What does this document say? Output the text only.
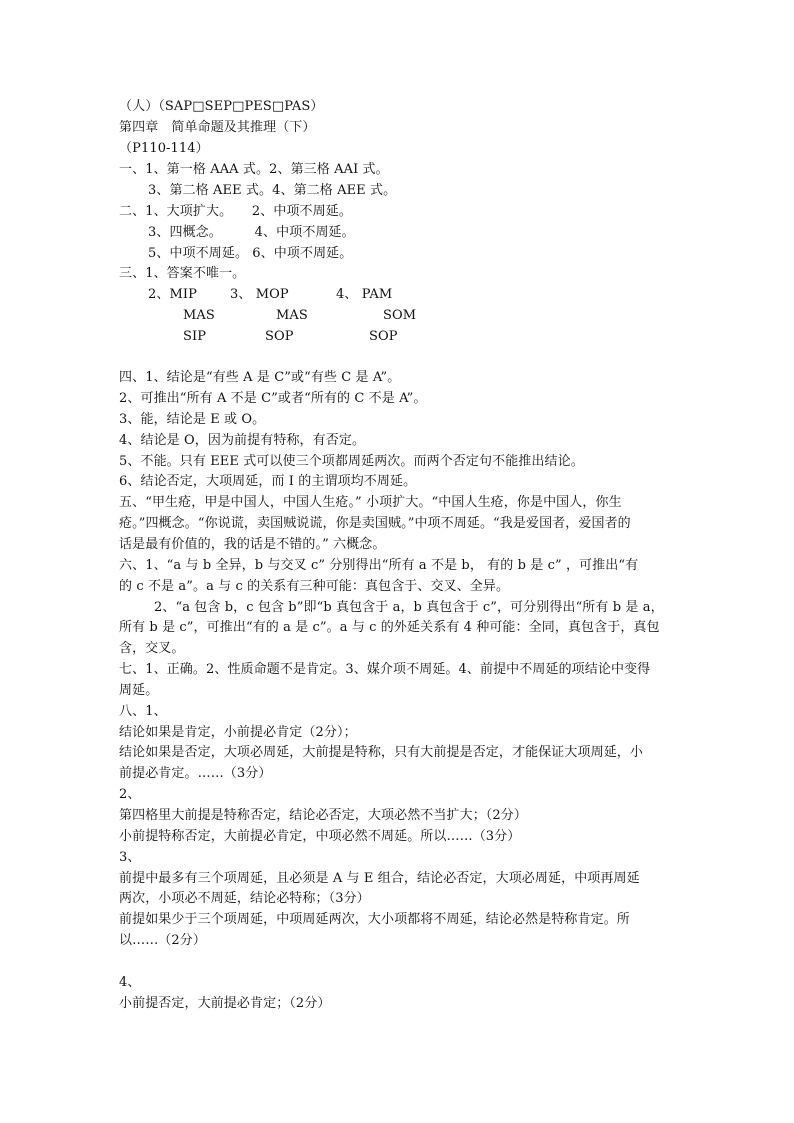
（人）（SAP□SEP□PES□PAS）
第四章　简单命题及其推理（下）
（P110-114）
一、1、第一格 AAA 式。2、第三格 AAI 式。
3、第二格 AEE 式。4、第二格 AEE 式。
二、1、大项扩大。　　2、中项不周延。
3、四概念。　　　4、中项不周延。
5、中项不周延。 6、中项不周延。
三、1、答案不唯一。
2、MIP	3、 MOP	4、 PAM
MAS	MAS	SOM
SIP	SOP	SOP
四、1、结论是“有些 A 是 C”或“有些 C 是 A”。
2、可推出“所有 A 不是 C”或者“所有的 C 不是 A”。
3、能，结论是 E 或 O。
4、结论是 O，因为前提有特称，有否定。
5、不能。只有 EEE 式可以使三个项都周延两次。而两个否定句不能推出结论。
6、结论否定，大项周延，而 I 的主谓项均不周延。
五、“甲生疮，甲是中国人，中国人生疮。” 小项扩大。“中国人生疮，你是中国人，你生
疮。”四概念。“你说谎，卖国贼说谎，你是卖国贼。”中项不周延。“我是爱国者，爱国者的
话是最有价值的，我的话是不错的。” 六概念。
六、1、“a 与 b 全异，b 与交叉 c” 分别得出“所有 a 不是 b， 有的 b 是 c” ，可推出“有
的 c 不是 a”。a 与 c 的关系有三种可能：真包含于、交叉、全异。
2、“a 包含 b，c 包含 b”即“b 真包含于 a，b 真包含于 c”，可分别得出“所有 b 是 a，
所有 b 是 c”，可推出“有的 a 是 c”。a 与 c 的外延关系有 4 种可能：全同，真包含于，真包
含，交叉。
七、1、正确。2、性质命题不是肯定。3、媒介项不周延。4、前提中不周延的项结论中变得
周延。
八、1、
结论如果是肯定，小前提必肯定（2分）；
结论如果是否定，大项必周延，大前提是特称，只有大前提是否定，才能保证大项周延，小
前提必肯定。……（3分）
2、
第四格里大前提是特称否定，结论必否定，大项必然不当扩大；（2分）
小前提特称否定，大前提必肯定，中项必然不周延。所以……（3分）
3、
前提中最多有三个项周延，且必须是 A 与 E 组合，结论必否定，大项必周延，中项再周延
两次，小项必不周延，结论必特称；（3分）
前提如果少于三个项周延，中项周延两次，大小项都将不周延，结论必然是特称肯定。所
以……（2分）
4、
小前提否定，大前提必肯定；（2分）
